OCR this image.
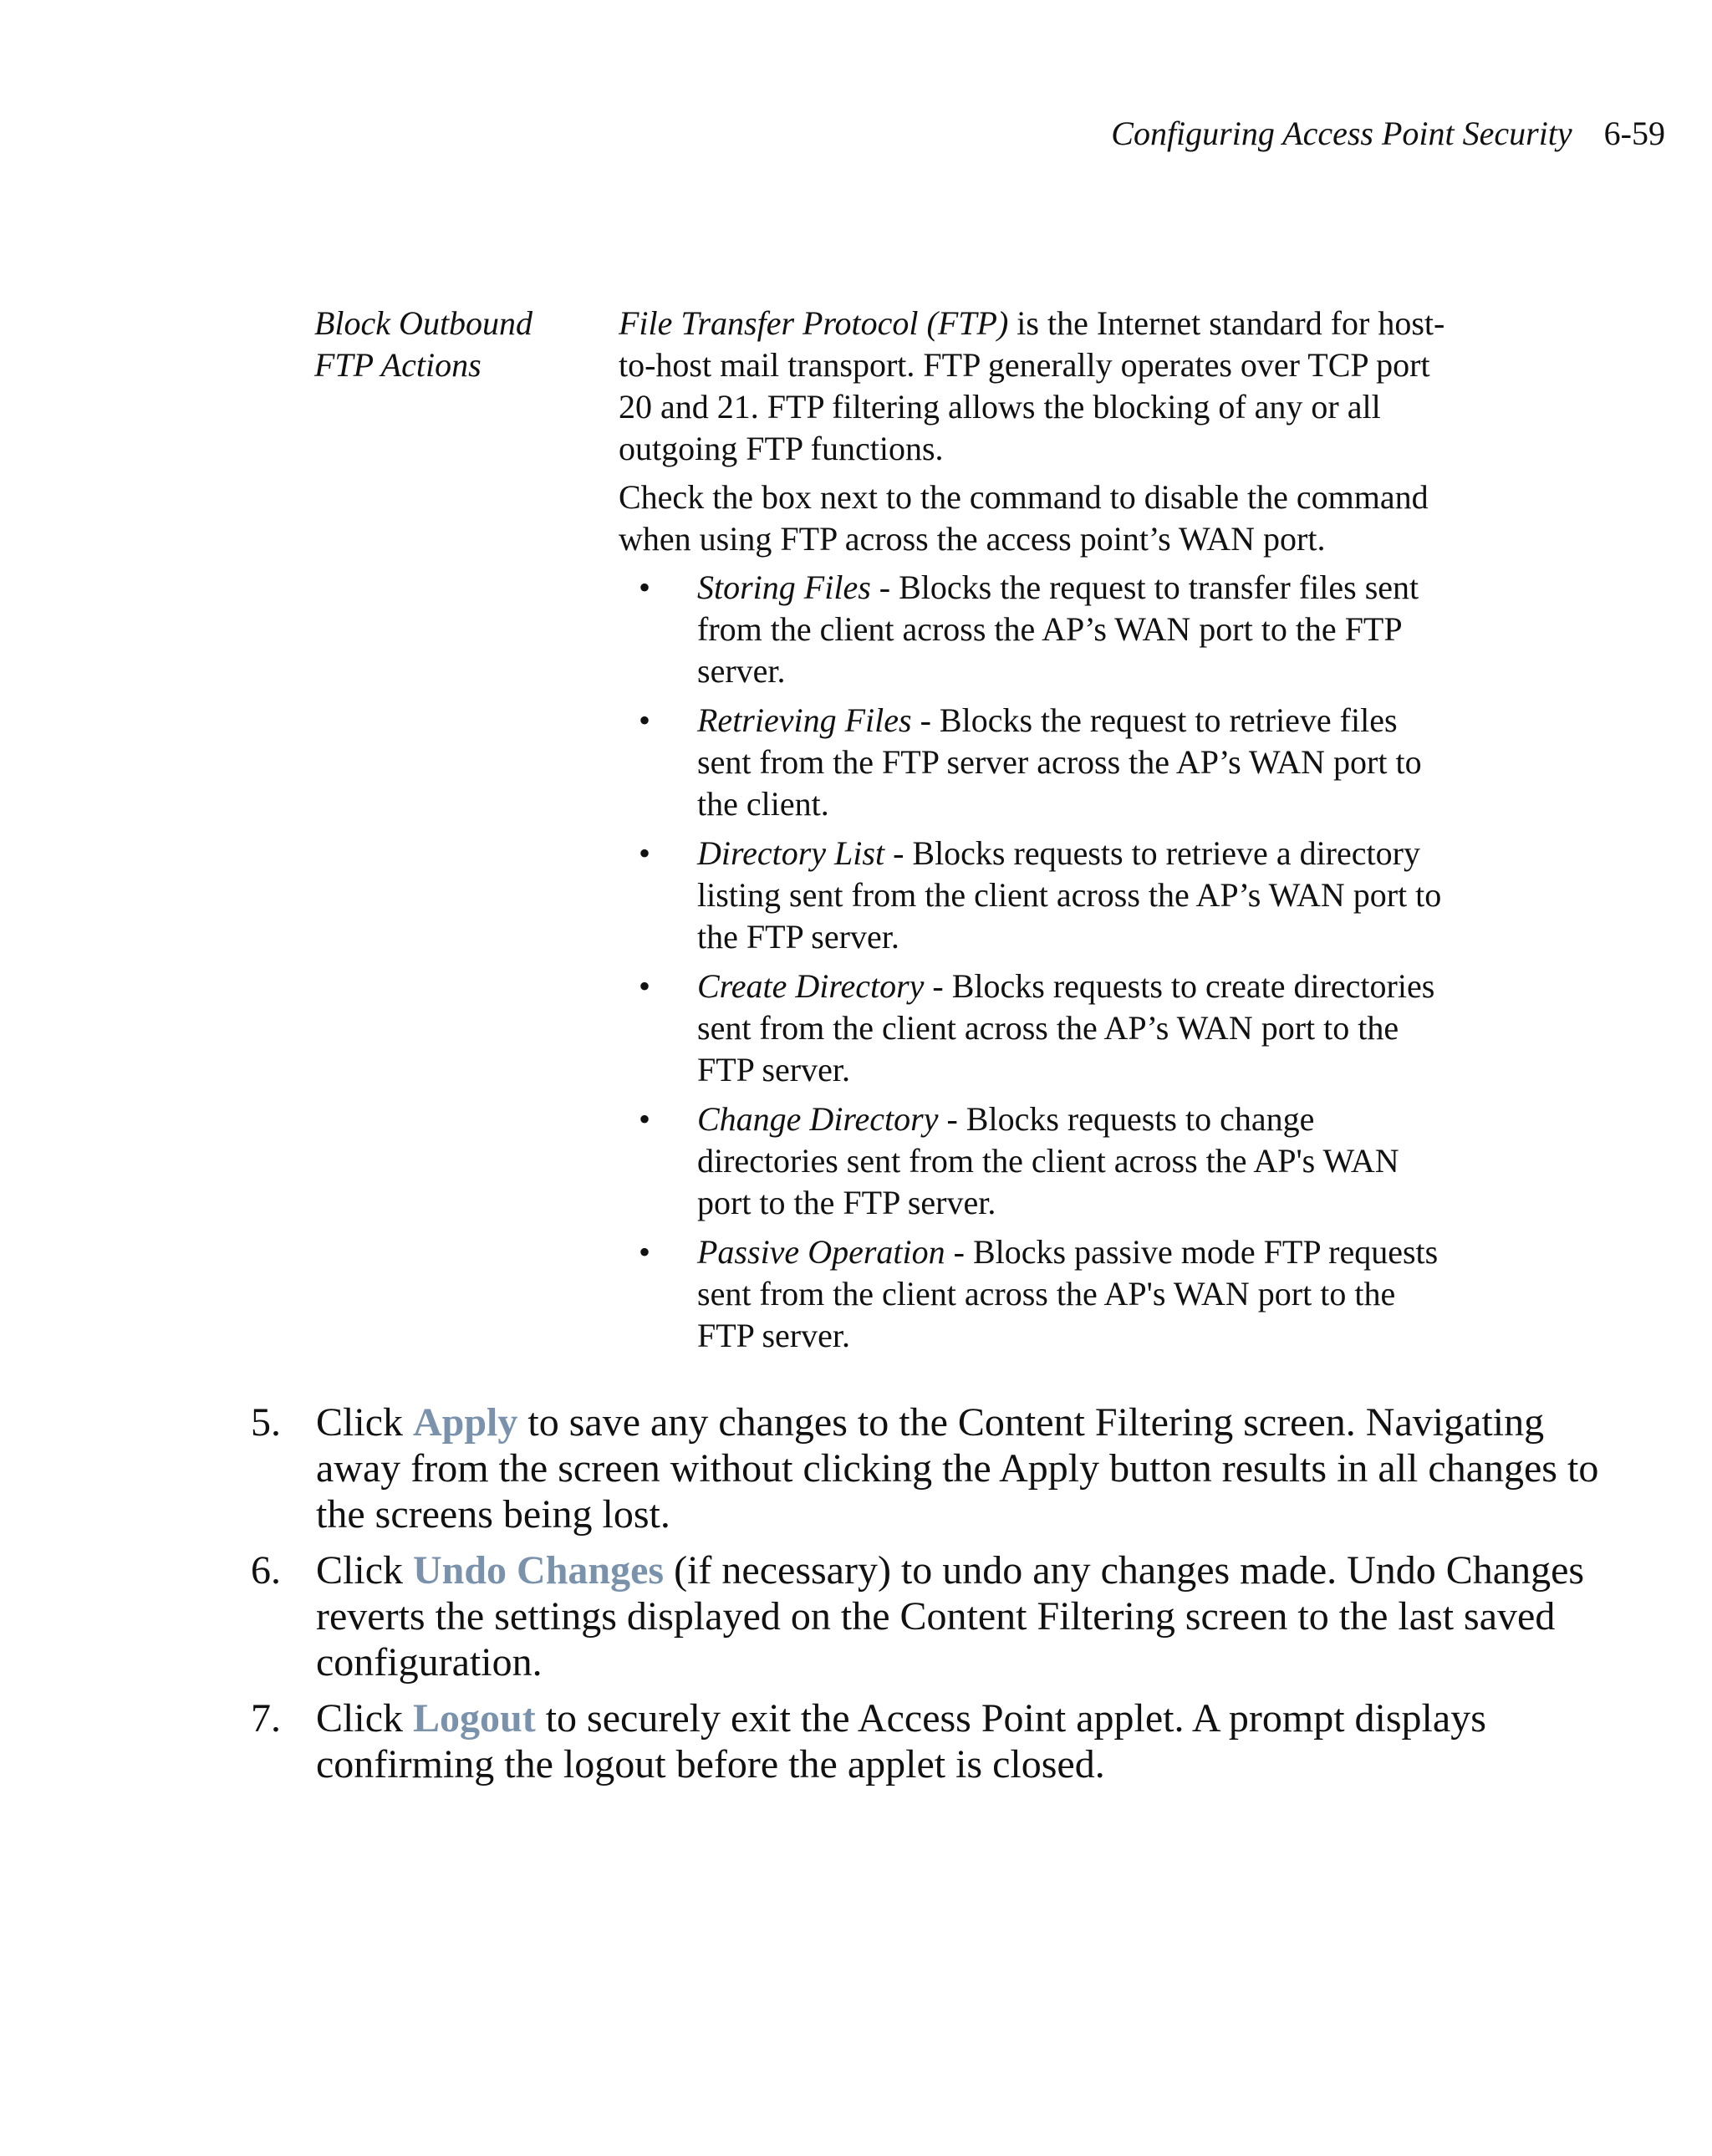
Configuring Access Point Security 6-59
Block Outbound
FTP Actions

File Transfer Protocol (FTP) is the Internet standard for host-to-host mail transport. FTP generally operates over TCP port 20 and 21. FTP filtering allows the blocking of any or all outgoing FTP functions.

Check the box next to the command to disable the command when using FTP across the access point’s WAN port.

• Storing Files - Blocks the request to transfer files sent from the client across the AP’s WAN port to the FTP server.
• Retrieving Files - Blocks the request to retrieve files sent from the FTP server across the AP’s WAN port to the client.
• Directory List - Blocks requests to retrieve a directory listing sent from the client across the AP’s WAN port to the FTP server.
• Create Directory - Blocks requests to create directories sent from the client across the AP’s WAN port to the FTP server.
• Change Directory - Blocks requests to change directories sent from the client across the AP's WAN port to the FTP server.
• Passive Operation - Blocks passive mode FTP requests sent from the client across the AP's WAN port to the FTP server.
5. Click Apply to save any changes to the Content Filtering screen. Navigating away from the screen without clicking the Apply button results in all changes to the screens being lost.
6. Click Undo Changes (if necessary) to undo any changes made. Undo Changes reverts the settings displayed on the Content Filtering screen to the last saved configuration.
7. Click Logout to securely exit the Access Point applet. A prompt displays confirming the logout before the applet is closed.
